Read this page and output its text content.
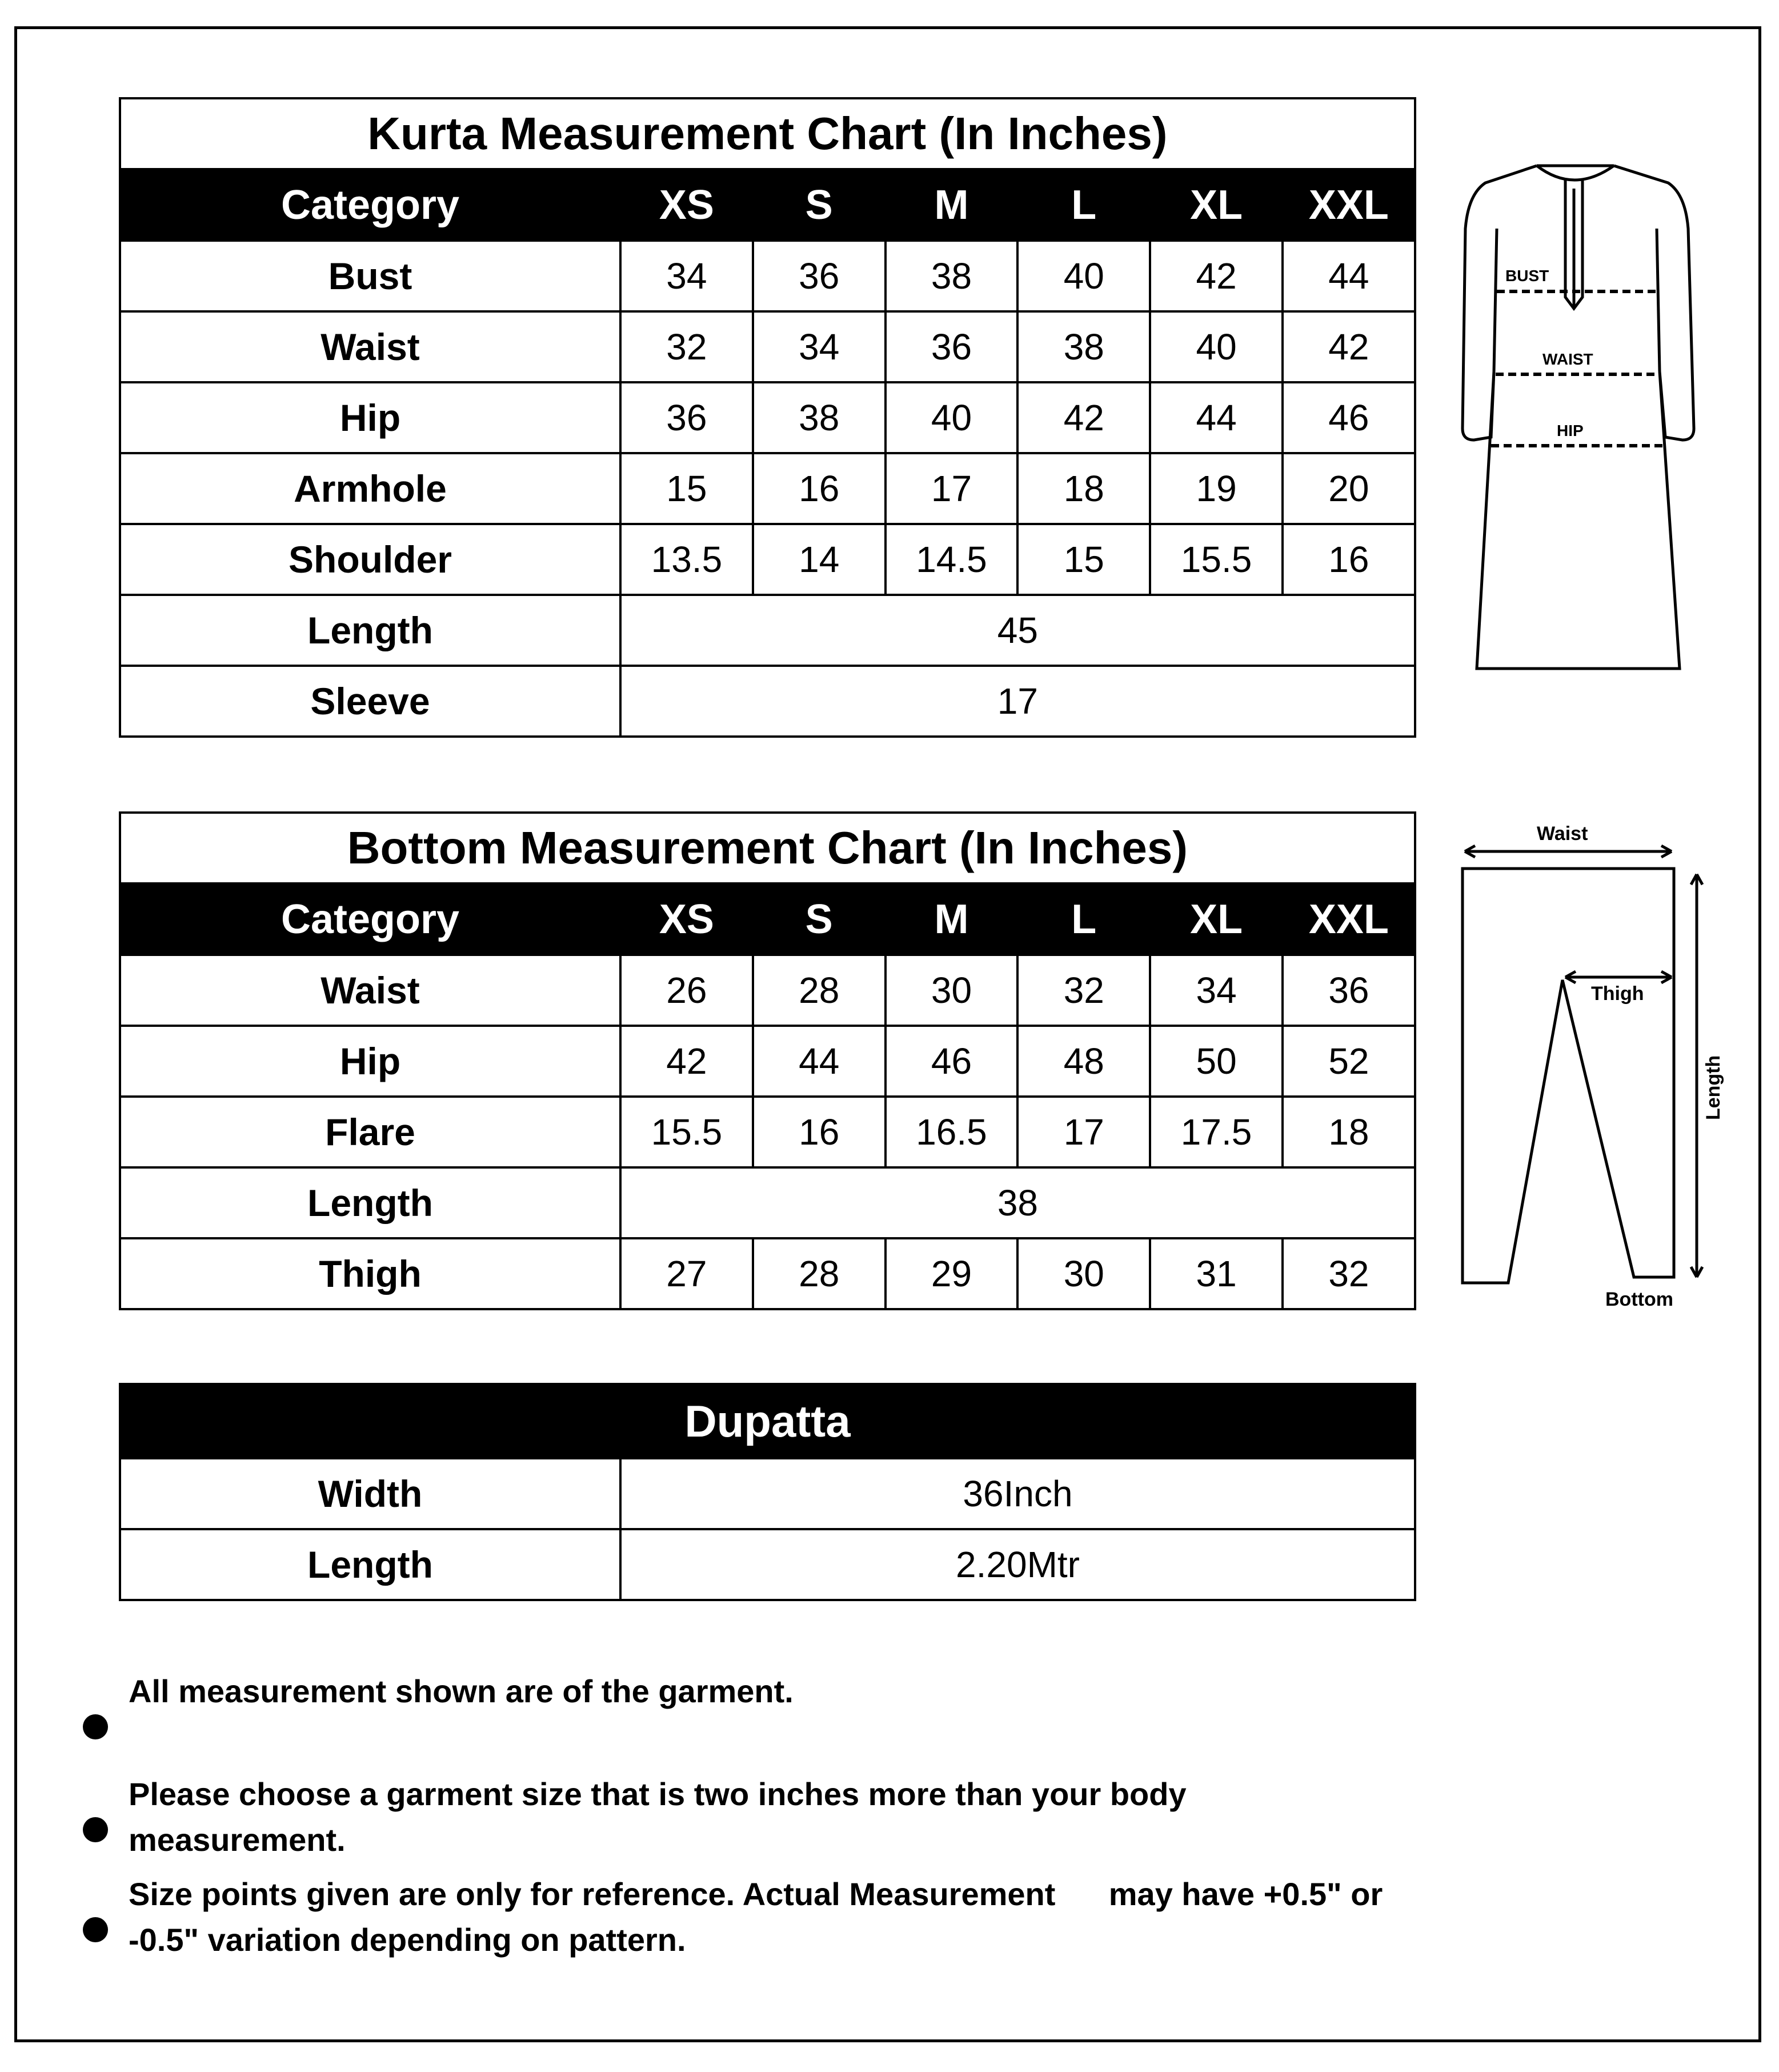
Kurta Measurement Chart (In Inches)						
Category	XS	S	M	L	XL	XXL
Bust	34	36	38	40	42	44
Waist	32	34	36	38	40	42
Hip	36	38	40	42	44	46
Armhole	15	16	17	18	19	20
Shoulder	13.5	14	14.5	15	15.5	16
Length	45					
Sleeve	17					
BUST
WAIST
HIP
Bottom Measurement Chart (In Inches)						
Category	XS	S	M	L	XL	XXL
Waist	26	28	30	32	34	36
Hip	42	44	46	48	50	52
Flare	15.5	16	16.5	17	17.5	18
Length	38					
Thigh	27	28	29	30	31	32
Waist
Thigh
Length
Bottom
Dupatta	
Width	36Inch
Length	2.20Mtr
All measurement shown are of the garment.
Please choose a garment size that is two inches more than your body measurement.
Size points given are only for reference. Actual Measurement      may have +0.5" or -0.5" variation depending on pattern.
